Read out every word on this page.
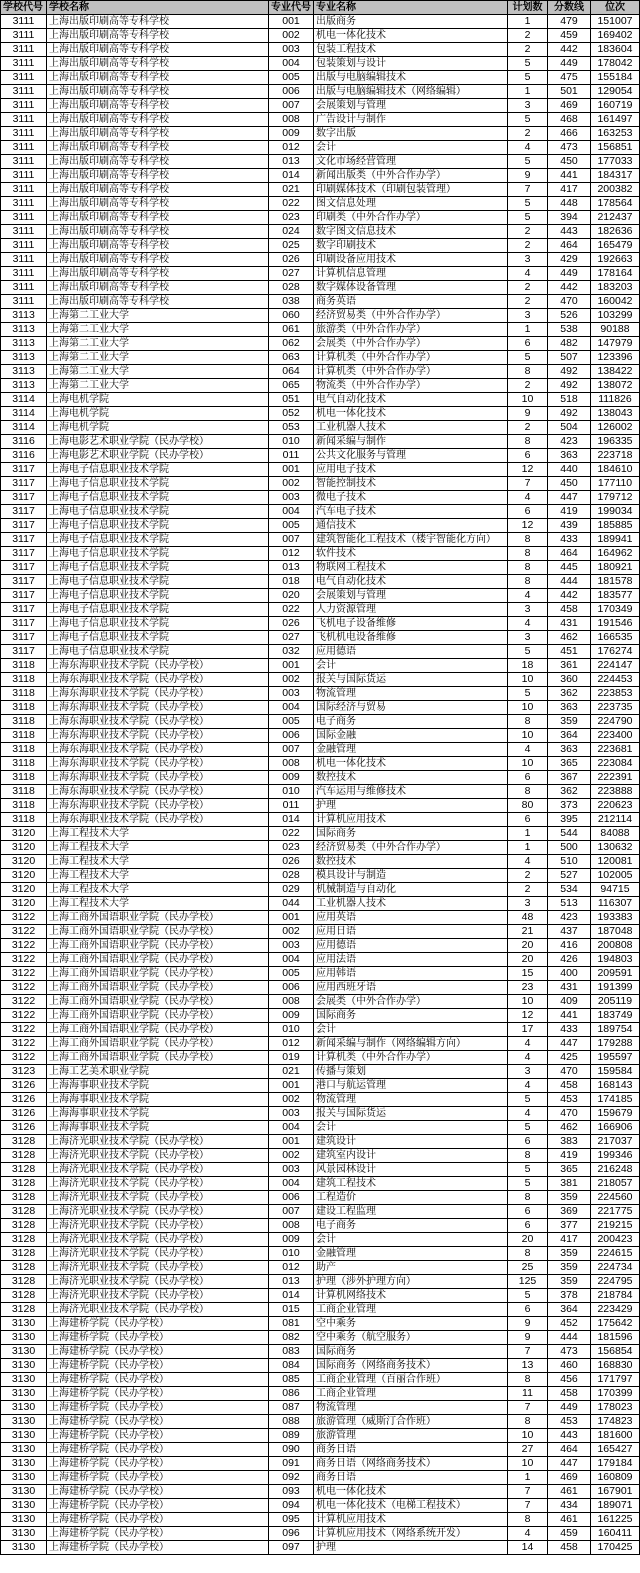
学校代号	学校名称	专业代号	专业名称	计划数	分数线	位次
3111	上海出版印刷高等专科学校	001	出版商务	1	479	151007
3111	上海出版印刷高等专科学校	002	机电一体化技术	2	459	169402
3111	上海出版印刷高等专科学校	003	包装工程技术	2	442	183604
3111	上海出版印刷高等专科学校	004	包装策划与设计	5	449	178042
3111	上海出版印刷高等专科学校	005	出版与电脑编辑技术	5	475	155184
3111	上海出版印刷高等专科学校	006	出版与电脑编辑技术（网络编辑）	1	501	129054
3111	上海出版印刷高等专科学校	007	会展策划与管理	3	469	160719
3111	上海出版印刷高等专科学校	008	广告设计与制作	5	468	161497
3111	上海出版印刷高等专科学校	009	数字出版	2	466	163253
3111	上海出版印刷高等专科学校	012	会计	4	473	156851
3111	上海出版印刷高等专科学校	013	文化市场经营管理	5	450	177033
3111	上海出版印刷高等专科学校	014	新闻出版类（中外合作办学）	9	441	184317
3111	上海出版印刷高等专科学校	021	印刷媒体技术（印刷包装管理）	7	417	200382
3111	上海出版印刷高等专科学校	022	图文信息处理	5	448	178564
3111	上海出版印刷高等专科学校	023	印刷类（中外合作办学）	5	394	212437
3111	上海出版印刷高等专科学校	024	数字图文信息技术	2	443	182636
3111	上海出版印刷高等专科学校	025	数字印刷技术	2	464	165479
3111	上海出版印刷高等专科学校	026	印刷设备应用技术	3	429	192663
3111	上海出版印刷高等专科学校	027	计算机信息管理	4	449	178164
3111	上海出版印刷高等专科学校	028	数字媒体设备管理	2	442	183203
3111	上海出版印刷高等专科学校	038	商务英语	2	470	160042
3113	上海第二工业大学	060	经济贸易类（中外合作办学）	3	526	103299
3113	上海第二工业大学	061	旅游类（中外合作办学）	1	538	90188
3113	上海第二工业大学	062	会展类（中外合作办学）	6	482	147979
3113	上海第二工业大学	063	计算机类（中外合作办学）	5	507	123396
3113	上海第二工业大学	064	计算机类（中外合作办学）	8	492	138422
3113	上海第二工业大学	065	物流类（中外合作办学）	2	492	138072
3114	上海电机学院	051	电气自动化技术	10	518	111826
3114	上海电机学院	052	机电一体化技术	9	492	138043
3114	上海电机学院	053	工业机器人技术	2	504	126002
3116	上海电影艺术职业学院（民办学校）	010	新闻采编与制作	8	423	196335
3116	上海电影艺术职业学院（民办学校）	011	公共文化服务与管理	6	363	223718
3117	上海电子信息职业技术学院	001	应用电子技术	12	440	184610
3117	上海电子信息职业技术学院	002	智能控制技术	7	450	177110
3117	上海电子信息职业技术学院	003	微电子技术	4	447	179712
3117	上海电子信息职业技术学院	004	汽车电子技术	6	419	199034
3117	上海电子信息职业技术学院	005	通信技术	12	439	185885
3117	上海电子信息职业技术学院	007	建筑智能化工程技术（楼宇智能化方向）	8	433	189941
3117	上海电子信息职业技术学院	012	软件技术	8	464	164962
3117	上海电子信息职业技术学院	013	物联网工程技术	8	445	180921
3117	上海电子信息职业技术学院	018	电气自动化技术	8	444	181578
3117	上海电子信息职业技术学院	020	会展策划与管理	4	442	183577
3117	上海电子信息职业技术学院	022	人力资源管理	3	458	170349
3117	上海电子信息职业技术学院	026	飞机电子设备维修	4	431	191546
3117	上海电子信息职业技术学院	027	飞机机电设备维修	3	462	166535
3117	上海电子信息职业技术学院	032	应用德语	5	451	176274
3118	上海东海职业技术学院（民办学校）	001	会计	18	361	224147
3118	上海东海职业技术学院（民办学校）	002	报关与国际货运	10	360	224453
3118	上海东海职业技术学院（民办学校）	003	物流管理	5	362	223853
3118	上海东海职业技术学院（民办学校）	004	国际经济与贸易	10	363	223735
3118	上海东海职业技术学院（民办学校）	005	电子商务	8	359	224790
3118	上海东海职业技术学院（民办学校）	006	国际金融	10	364	223400
3118	上海东海职业技术学院（民办学校）	007	金融管理	4	363	223681
3118	上海东海职业技术学院（民办学校）	008	机电一体化技术	10	365	223084
3118	上海东海职业技术学院（民办学校）	009	数控技术	6	367	222391
3118	上海东海职业技术学院（民办学校）	010	汽车运用与维修技术	8	362	223888
3118	上海东海职业技术学院（民办学校）	011	护理	80	373	220623
3118	上海东海职业技术学院（民办学校）	014	计算机应用技术	6	395	212114
3120	上海工程技术大学	022	国际商务	1	544	84088
3120	上海工程技术大学	023	经济贸易类（中外合作办学）	1	500	130632
3120	上海工程技术大学	026	数控技术	4	510	120081
3120	上海工程技术大学	028	模具设计与制造	2	527	102005
3120	上海工程技术大学	029	机械制造与自动化	2	534	94715
3120	上海工程技术大学	044	工业机器人技术	3	513	116307
3122	上海工商外国语职业学院（民办学校）	001	应用英语	48	423	193383
3122	上海工商外国语职业学院（民办学校）	002	应用日语	21	437	187048
3122	上海工商外国语职业学院（民办学校）	003	应用德语	20	416	200808
3122	上海工商外国语职业学院（民办学校）	004	应用法语	20	426	194803
3122	上海工商外国语职业学院（民办学校）	005	应用韩语	15	400	209591
3122	上海工商外国语职业学院（民办学校）	006	应用西班牙语	23	431	191399
3122	上海工商外国语职业学院（民办学校）	008	会展类（中外合作办学）	10	409	205119
3122	上海工商外国语职业学院（民办学校）	009	国际商务	12	441	183749
3122	上海工商外国语职业学院（民办学校）	010	会计	17	433	189754
3122	上海工商外国语职业学院（民办学校）	012	新闻采编与制作（网络编辑方向）	4	447	179288
3122	上海工商外国语职业学院（民办学校）	019	计算机类（中外合作办学）	4	425	195597
3123	上海工艺美术职业学院	021	传播与策划	3	470	159584
3126	上海海事职业技术学院	001	港口与航运管理	4	458	168143
3126	上海海事职业技术学院	002	物流管理	5	453	174185
3126	上海海事职业技术学院	003	报关与国际货运	4	470	159679
3126	上海海事职业技术学院	004	会计	5	462	166906
3128	上海济光职业技术学院（民办学校）	001	建筑设计	6	383	217037
3128	上海济光职业技术学院（民办学校）	002	建筑室内设计	8	419	199346
3128	上海济光职业技术学院（民办学校）	003	风景园林设计	5	365	216248
3128	上海济光职业技术学院（民办学校）	004	建筑工程技术	5	381	218057
3128	上海济光职业技术学院（民办学校）	006	工程造价	8	359	224560
3128	上海济光职业技术学院（民办学校）	007	建设工程监理	6	369	221775
3128	上海济光职业技术学院（民办学校）	008	电子商务	6	377	219215
3128	上海济光职业技术学院（民办学校）	009	会计	20	417	200423
3128	上海济光职业技术学院（民办学校）	010	金融管理	8	359	224615
3128	上海济光职业技术学院（民办学校）	012	助产	25	359	224734
3128	上海济光职业技术学院（民办学校）	013	护理（涉外护理方向）	125	359	224795
3128	上海济光职业技术学院（民办学校）	014	计算机网络技术	5	378	218784
3128	上海济光职业技术学院（民办学校）	015	工商企业管理	6	364	223429
3130	上海建桥学院（民办学校）	081	空中乘务	9	452	175642
3130	上海建桥学院（民办学校）	082	空中乘务（航空服务）	9	444	181596
3130	上海建桥学院（民办学校）	083	国际商务	7	473	156854
3130	上海建桥学院（民办学校）	084	国际商务（网络商务技术）	13	460	168830
3130	上海建桥学院（民办学校）	085	工商企业管理（百丽合作班）	8	456	171797
3130	上海建桥学院（民办学校）	086	工商企业管理	11	458	170399
3130	上海建桥学院（民办学校）	087	物流管理	7	449	178023
3130	上海建桥学院（民办学校）	088	旅游管理（威斯汀合作班）	8	453	174823
3130	上海建桥学院（民办学校）	089	旅游管理	10	443	181600
3130	上海建桥学院（民办学校）	090	商务日语	27	464	165427
3130	上海建桥学院（民办学校）	091	商务日语（网络商务技术）	10	447	179184
3130	上海建桥学院（民办学校）	092	商务日语	1	469	160809
3130	上海建桥学院（民办学校）	093	机电一体化技术	7	461	167901
3130	上海建桥学院（民办学校）	094	机电一体化技术（电梯工程技术）	7	434	189071
3130	上海建桥学院（民办学校）	095	计算机应用技术	8	461	161225
3130	上海建桥学院（民办学校）	096	计算机应用技术（网络系统开发）	4	459	160411
3130	上海建桥学院（民办学校）	097	护理	14	458	170425
